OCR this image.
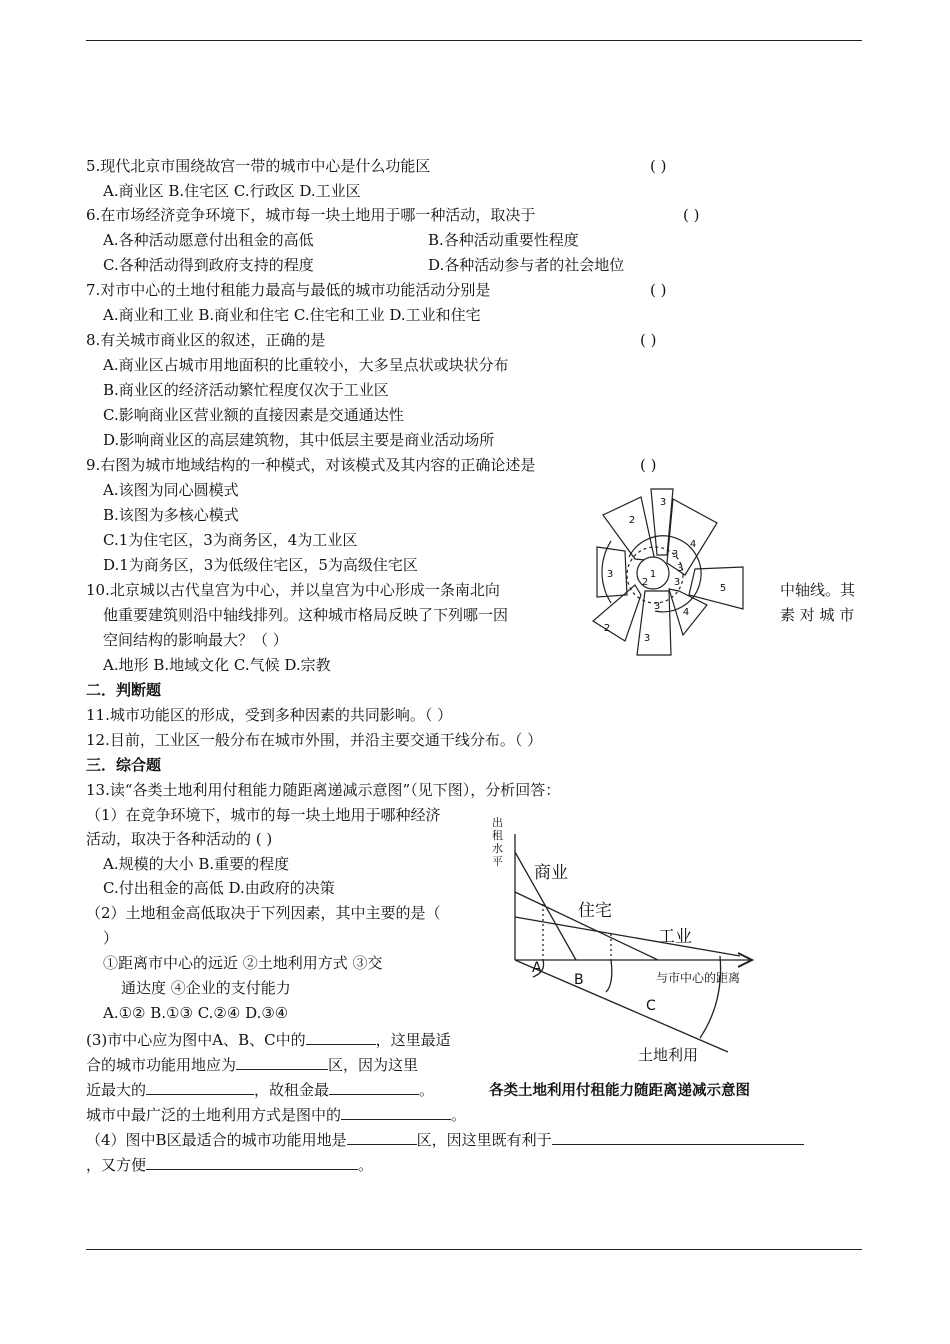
5.现代北京市围绕故宫一带的城市中心是什么功能区	( )
A.商业区 B.住宅区 C.行政区 D.工业区
6.在市场经济竞争环境下，城市每一块土地用于哪一种活动，取决于	( )
A.各种活动愿意付出租金的高低	B.各种活动重要性程度
C.各种活动得到政府支持的程度	D.各种活动参与者的社会地位
7.对市中心的土地付租能力最高与最低的城市功能活动分别是	( )
A.商业和工业 B.商业和住宅 C.住宅和工业 D.工业和住宅
8.有关城市商业区的叙述，正确的是	( )
A.商业区占城市用地面积的比重较小，大多呈点状或块状分布
B.商业区的经济活动繁忙程度仅次于工业区
C.影响商业区营业额的直接因素是交通通达性
D.影响商业区的高层建筑物，其中低层主要是商业活动场所
9.右图为城市地域结构的一种模式，对该模式及其内容的正确论述是	( )
A.该图为同心圆模式
B.该图为多核心模式
C.1为住宅区，3为商务区，4为工业区
D.1为商务区，3为低级住宅区，5为高级住宅区
10.北京城以古代皇宫为中心，并以皇宫为中心形成一条南北向	中轴线。其
他重要建筑则沿中轴线排列。这种城市格局反映了下列哪一因	素 对 城 市
空间结构的影响最大？（ ）
A.地形 B.地域文化 C.气候 D.宗教
1
2
3
3
4
3
3
5
4
3
2
3
2
3
二．判断题
11.城市功能区的形成，受到多种因素的共同影响。（ ）
12.目前，工业区一般分布在城市外围，并沿主要交通干线分布。（ ）
三．综合题
13.读“各类土地利用付租能力随距离递减示意图”（见下图），分析回答：
（1）在竞争环境下，城市的每一块土地用于哪种经济
活动，取决于各种活动的 ( )
A.规模的大小 B.重要的程度
C.付出租金的高低 D.由政府的决策
（2）土地租金高低取决于下列因素，其中主要的是（
）
①距离市中心的远近 ②土地利用方式 ③交
通达度 ④企业的支付能力
A.①② B.①③ C.②④ D.③④
(3)市中心应为图中A、B、C中的	，这里最适
合的城市功能用地应为	区，因为这里
近最大的	，故租金最	。
城市中最广泛的土地利用方式是图中的	。
（4）图中B区最适合的城市功能用地是	区，因这里既有利于
，又方便	。
出
租
水
平
商业
住宅
工业
与市中心的距离
A
B
C
土地利用
各类土地利用付租能力随距离递减示意图
